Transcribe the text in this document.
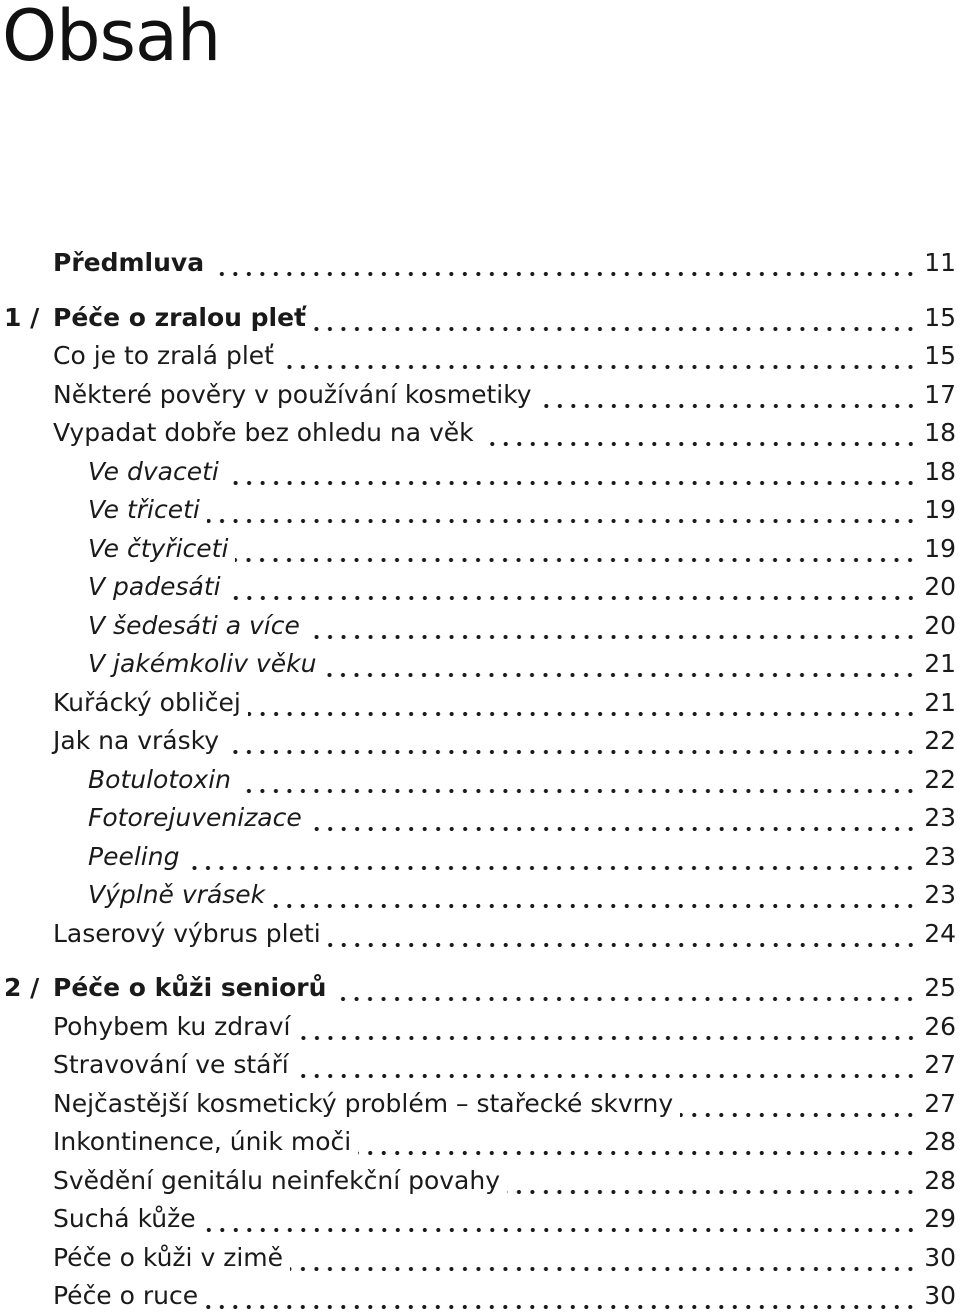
Obsah
Předmluva	11
1 / Péče o zralou pleť	15
Co je to zralá pleť	15
Některé pověry v používání kosmetiky	17
Vypadat dobře bez ohledu na věk	18
Ve dvaceti	18
Ve třiceti	19
Ve čtyřiceti	19
V padesáti	20
V šedesáti a více	20
V jakémkoliv věku	21
Kuřácký obličej	21
Jak na vrásky	22
Botulotoxin	22
Fotorejuvenizace	23
Peeling	23
Výplně vrásek	23
Laserový výbrus pleti	24
2 / Péče o kůži seniorů	25
Pohybem ku zdraví	26
Stravování ve stáří	27
Nejčastější kosmetický problém – stařecké skvrny	27
Inkontinence, únik moči	28
Svědění genitálu neinfekční povahy	28
Suchá kůže	29
Péče o kůži v zimě	30
Péče o ruce	30
